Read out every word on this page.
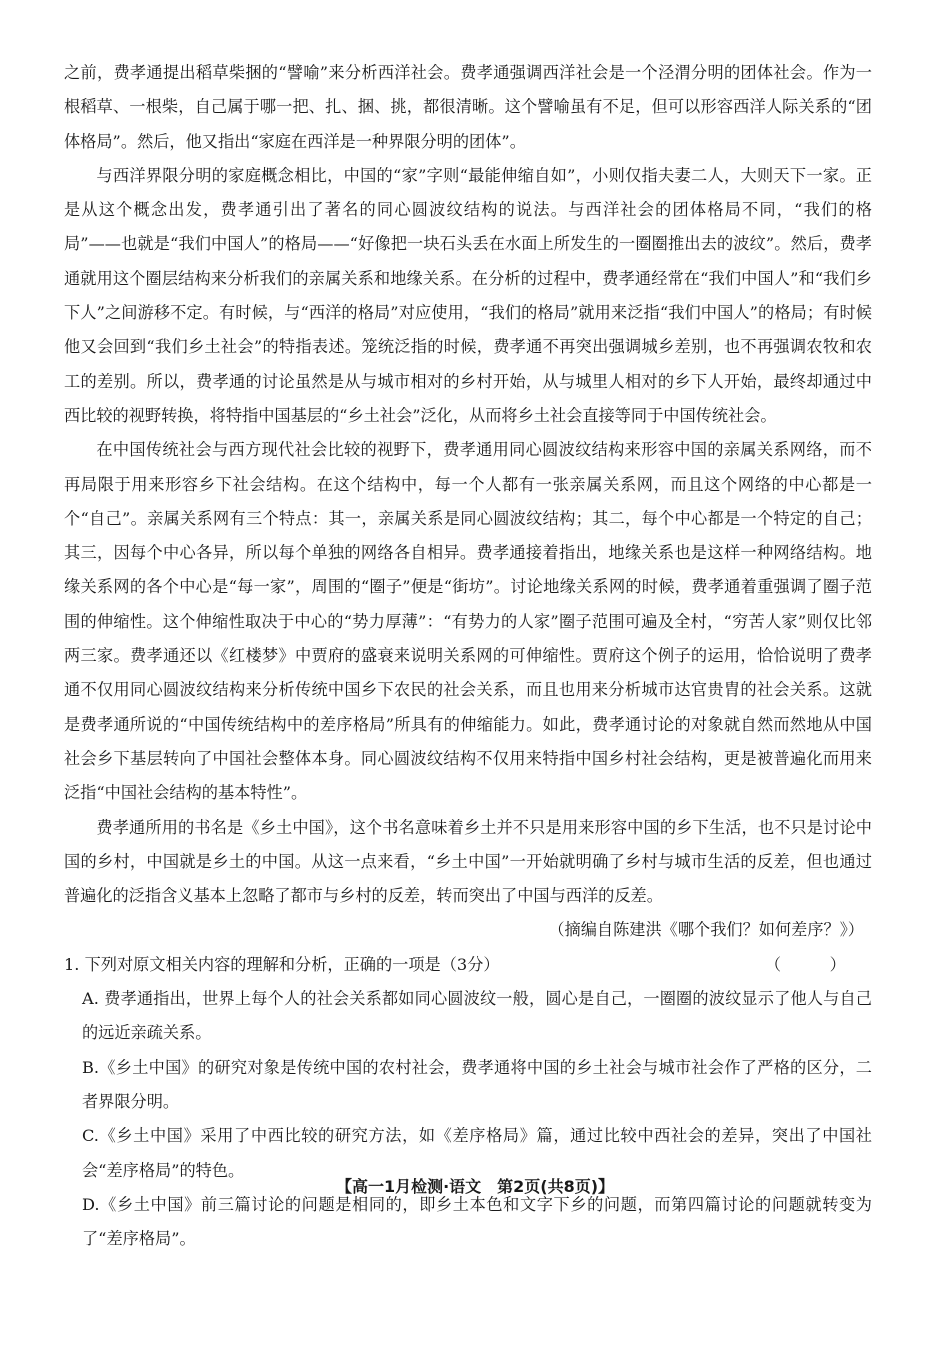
之前，费孝通提出稻草柴捆的“譬喻”来分析西洋社会。费孝通强调西洋社会是一个泾渭分明的团体社会。作为一根稻草、一根柴，自己属于哪一把、扎、捆、挑，都很清晰。这个譬喻虽有不足，但可以形容西洋人际关系的“团体格局”。然后，他又指出“家庭在西洋是一种界限分明的团体”。

与西洋界限分明的家庭概念相比，中国的“家”字则“最能伸缩自如”，小则仅指夫妻二人，大则天下一家。正是从这个概念出发，费孝通引出了著名的同心圆波纹结构的说法。与西洋社会的团体格局不同，“我们的格局”——也就是“我们中国人”的格局——“好像把一块石头丢在水面上所发生的一圈圈推出去的波纹”。然后，费孝通就用这个圈层结构来分析我们的亲属关系和地缘关系。在分析的过程中，费孝通经常在“我们中国人”和“我们乡下人”之间游移不定。有时候，与“西洋的格局”对应使用，“我们的格局”就用来泛指“我们中国人”的格局；有时候他又会回到“我们乡土社会”的特指表述。笼统泛指的时候，费孝通不再突出强调城乡差别，也不再强调农牧和农工的差别。所以，费孝通的讨论虽然是从与城市相对的乡村开始，从与城里人相对的乡下人开始，最终却通过中西比较的视野转换，将特指中国基层的“乡土社会”泛化，从而将乡土社会直接等同于中国传统社会。

在中国传统社会与西方现代社会比较的视野下，费孝通用同心圆波纹结构来形容中国的亲属关系网络，而不再局限于用来形容乡下社会结构。在这个结构中，每一个人都有一张亲属关系网，而且这个网络的中心都是一个“自己”。亲属关系网有三个特点：其一，亲属关系是同心圆波纹结构；其二，每个中心都是一个特定的自己；其三，因每个中心各异，所以每个单独的网络各自相异。费孝通接着指出，地缘关系也是这样一种网络结构。地缘关系网的各个中心是“每一家”，周围的“圈子”便是“街坊”。讨论地缘关系网的时候，费孝通着重强调了圈子范围的伸缩性。这个伸缩性取决于中心的“势力厚薄”：“有势力的人家”圈子范围可遍及全村，“穷苦人家”则仅比邻两三家。费孝通还以《红楼梦》中贾府的盛衰来说明关系网的可伸缩性。贾府这个例子的运用，恰恰说明了费孝通不仅用同心圆波纹结构来分析传统中国乡下农民的社会关系，而且也用来分析城市达官贵胄的社会关系。这就是费孝通所说的“中国传统结构中的差序格局”所具有的伸缩能力。如此，费孝通讨论的对象就自然而然地从中国社会乡下基层转向了中国社会整体本身。同心圆波纹结构不仅用来特指中国乡村社会结构，更是被普遍化而用来泛指“中国社会结构的基本特性”。

费孝通所用的书名是《乡土中国》，这个书名意味着乡土并不只是用来形容中国的乡下生活，也不只是讨论中国的乡村，中国就是乡土的中国。从这一点来看，“乡土中国”一开始就明确了乡村与城市生活的反差，但也通过普遍化的泛指含义基本上忽略了都市与乡村的反差，转而突出了中国与西洋的反差。

（摘编自陈建洪《哪个我们？如何差序？》）

1. 下列对原文相关内容的理解和分析，正确的一项是（3分）	（　）

A. 费孝通指出，世界上每个人的社会关系都如同心圆波纹一般，圆心是自己，一圈圈的波纹显示了他人与自己的远近亲疏关系。

B.《乡土中国》的研究对象是传统中国的农村社会，费孝通将中国的乡土社会与城市社会作了严格的区分，二者界限分明。

C.《乡土中国》采用了中西比较的研究方法，如《差序格局》篇，通过比较中西社会的差异，突出了中国社会“差序格局”的特色。

D.《乡土中国》前三篇讨论的问题是相同的，即乡土本色和文字下乡的问题，而第四篇讨论的问题就转变为了“差序格局”。

【高一1月检测·语文　第2页(共8页)】
